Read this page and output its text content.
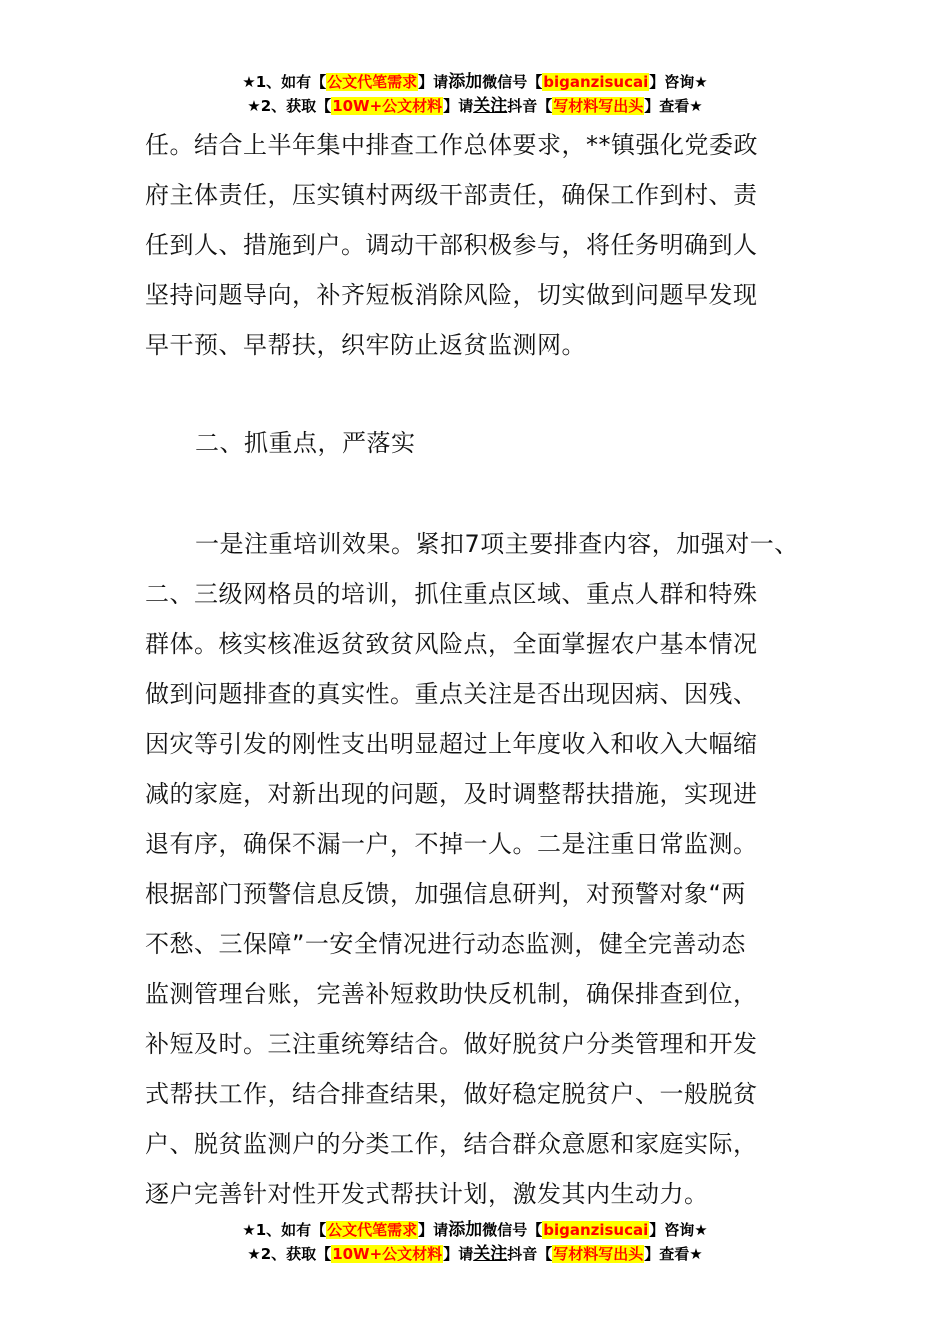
★1、如有【公文代笔需求】请添加微信号【biganzisucai】咨询★
★2、获取【10W+公文材料】请关注抖音【写材料写出头】查看★
任。结合上半年集中排查工作总体要求，**镇强化党委政
府主体责任，压实镇村两级干部责任，确保工作到村、责
任到人、措施到户。调动干部积极参与，将任务明确到人
坚持问题导向，补齐短板消除风险，切实做到问题早发现
早干预、早帮扶，织牢防止返贫监测网。
二、抓重点，严落实
一是注重培训效果。紧扣7项主要排查内容，加强对一、
二、三级网格员的培训，抓住重点区域、重点人群和特殊
群体。核实核准返贫致贫风险点，全面掌握农户基本情况
做到问题排查的真实性。重点关注是否出现因病、因残、
因灾等引发的刚性支出明显超过上年度收入和收入大幅缩
减的家庭，对新出现的问题，及时调整帮扶措施，实现进
退有序，确保不漏一户，不掉一人。二是注重日常监测。
根据部门预警信息反馈，加强信息研判，对预警对象“两
不愁、三保障”一安全情况进行动态监测，健全完善动态
监测管理台账，完善补短救助快反机制，确保排查到位，
补短及时。三注重统筹结合。做好脱贫户分类管理和开发
式帮扶工作，结合排查结果，做好稳定脱贫户、一般脱贫
户、脱贫监测户的分类工作，结合群众意愿和家庭实际，
逐户完善针对性开发式帮扶计划，激发其内生动力。
★1、如有【公文代笔需求】请添加微信号【biganzisucai】咨询★
★2、获取【10W+公文材料】请关注抖音【写材料写出头】查看★
